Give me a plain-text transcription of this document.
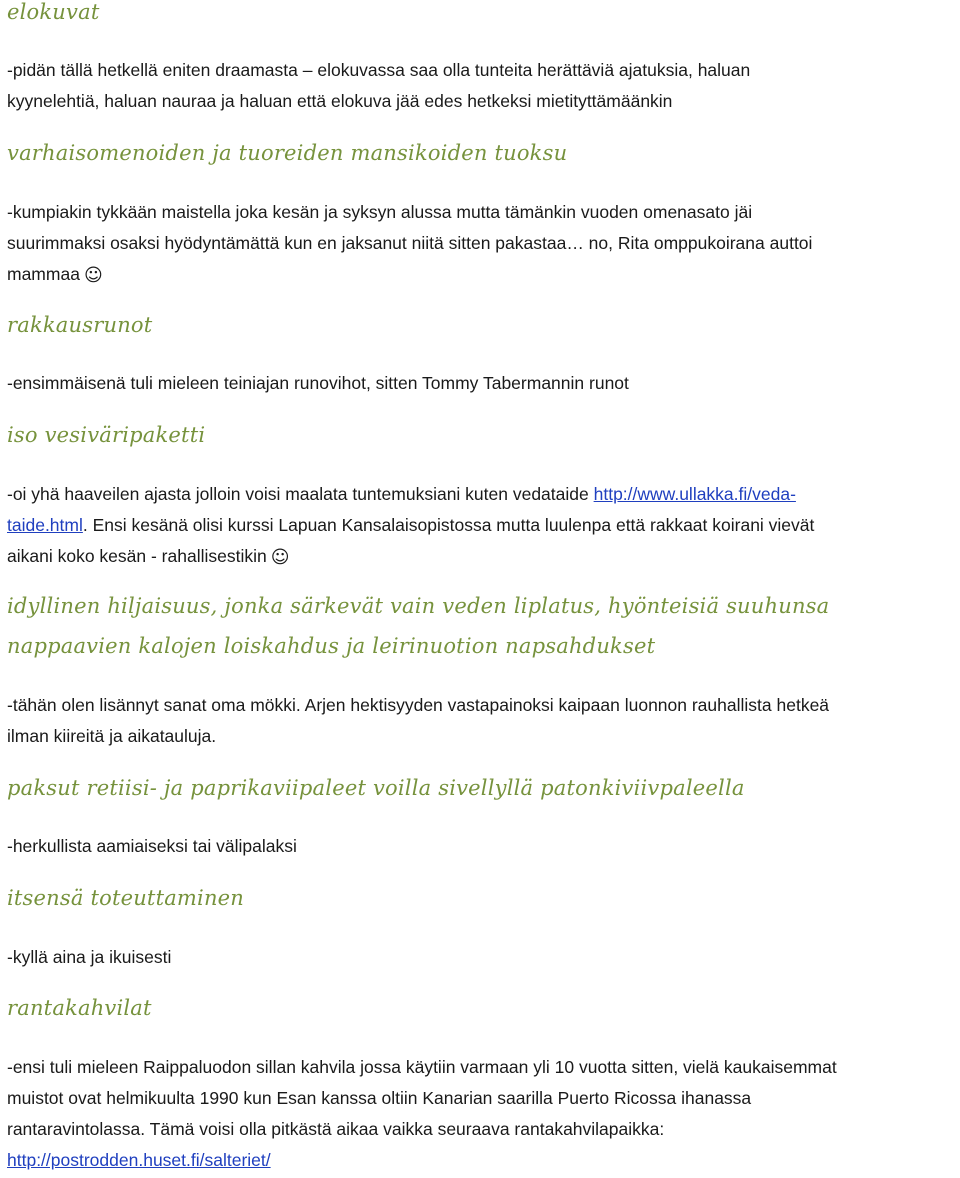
elokuvat
-pidän tällä hetkellä eniten draamasta – elokuvassa saa olla tunteita herättäviä ajatuksia, haluan
kyynelehtiä, haluan nauraa ja haluan että elokuva jää edes hetkeksi mietityttämäänkin
varhaisomenoiden ja tuoreiden mansikoiden tuoksu
-kumpiakin tykkään maistella joka kesän ja syksyn alussa mutta tämänkin vuoden omenasato jäi
suurimmaksi osaksi hyödyntämättä kun en jaksanut niitä sitten pakastaa… no, Rita omppukoirana auttoi
mammaa ☺
rakkausrunot
-ensimmäisenä tuli mieleen teiniajan runovihot, sitten Tommy Tabermannin runot
iso vesiväripaketti
-oi yhä haaveilen ajasta jolloin voisi maalata tuntemuksiani kuten vedataide http://www.ullakka.fi/veda-
taide.html. Ensi kesänä olisi kurssi Lapuan Kansalaisopistossa mutta luulenpa että rakkaat koirani vievät
aikani koko kesän - rahallisestikin ☺
idyllinen hiljaisuus, jonka särkevät vain veden liplatus, hyönteisiä suuhunsa
nappaavien kalojen loiskahdus ja leirinuotion napsahdukset
-tähän olen lisännyt sanat oma mökki. Arjen hektisyyden vastapainoksi kaipaan luonnon rauhallista hetkeä
ilman kiireitä ja aikatauluja.
paksut retiisi- ja paprikaviipaleet voilla sivellyllä patonkiviivpaleella
-herkullista aamiaiseksi tai välipalaksi
itsensä toteuttaminen
-kyllä aina ja ikuisesti
rantakahvilat
-ensi tuli mieleen Raippaluodon sillan kahvila jossa käytiin varmaan yli 10 vuotta sitten, vielä kaukaisemmat
muistot ovat helmikuulta 1990 kun Esan kanssa oltiin Kanarian saarilla Puerto Ricossa ihanassa
rantaravintolassa. Tämä voisi olla pitkästä aikaa vaikka seuraava rantakahvilapaikka:
http://postrodden.huset.fi/salteriet/
